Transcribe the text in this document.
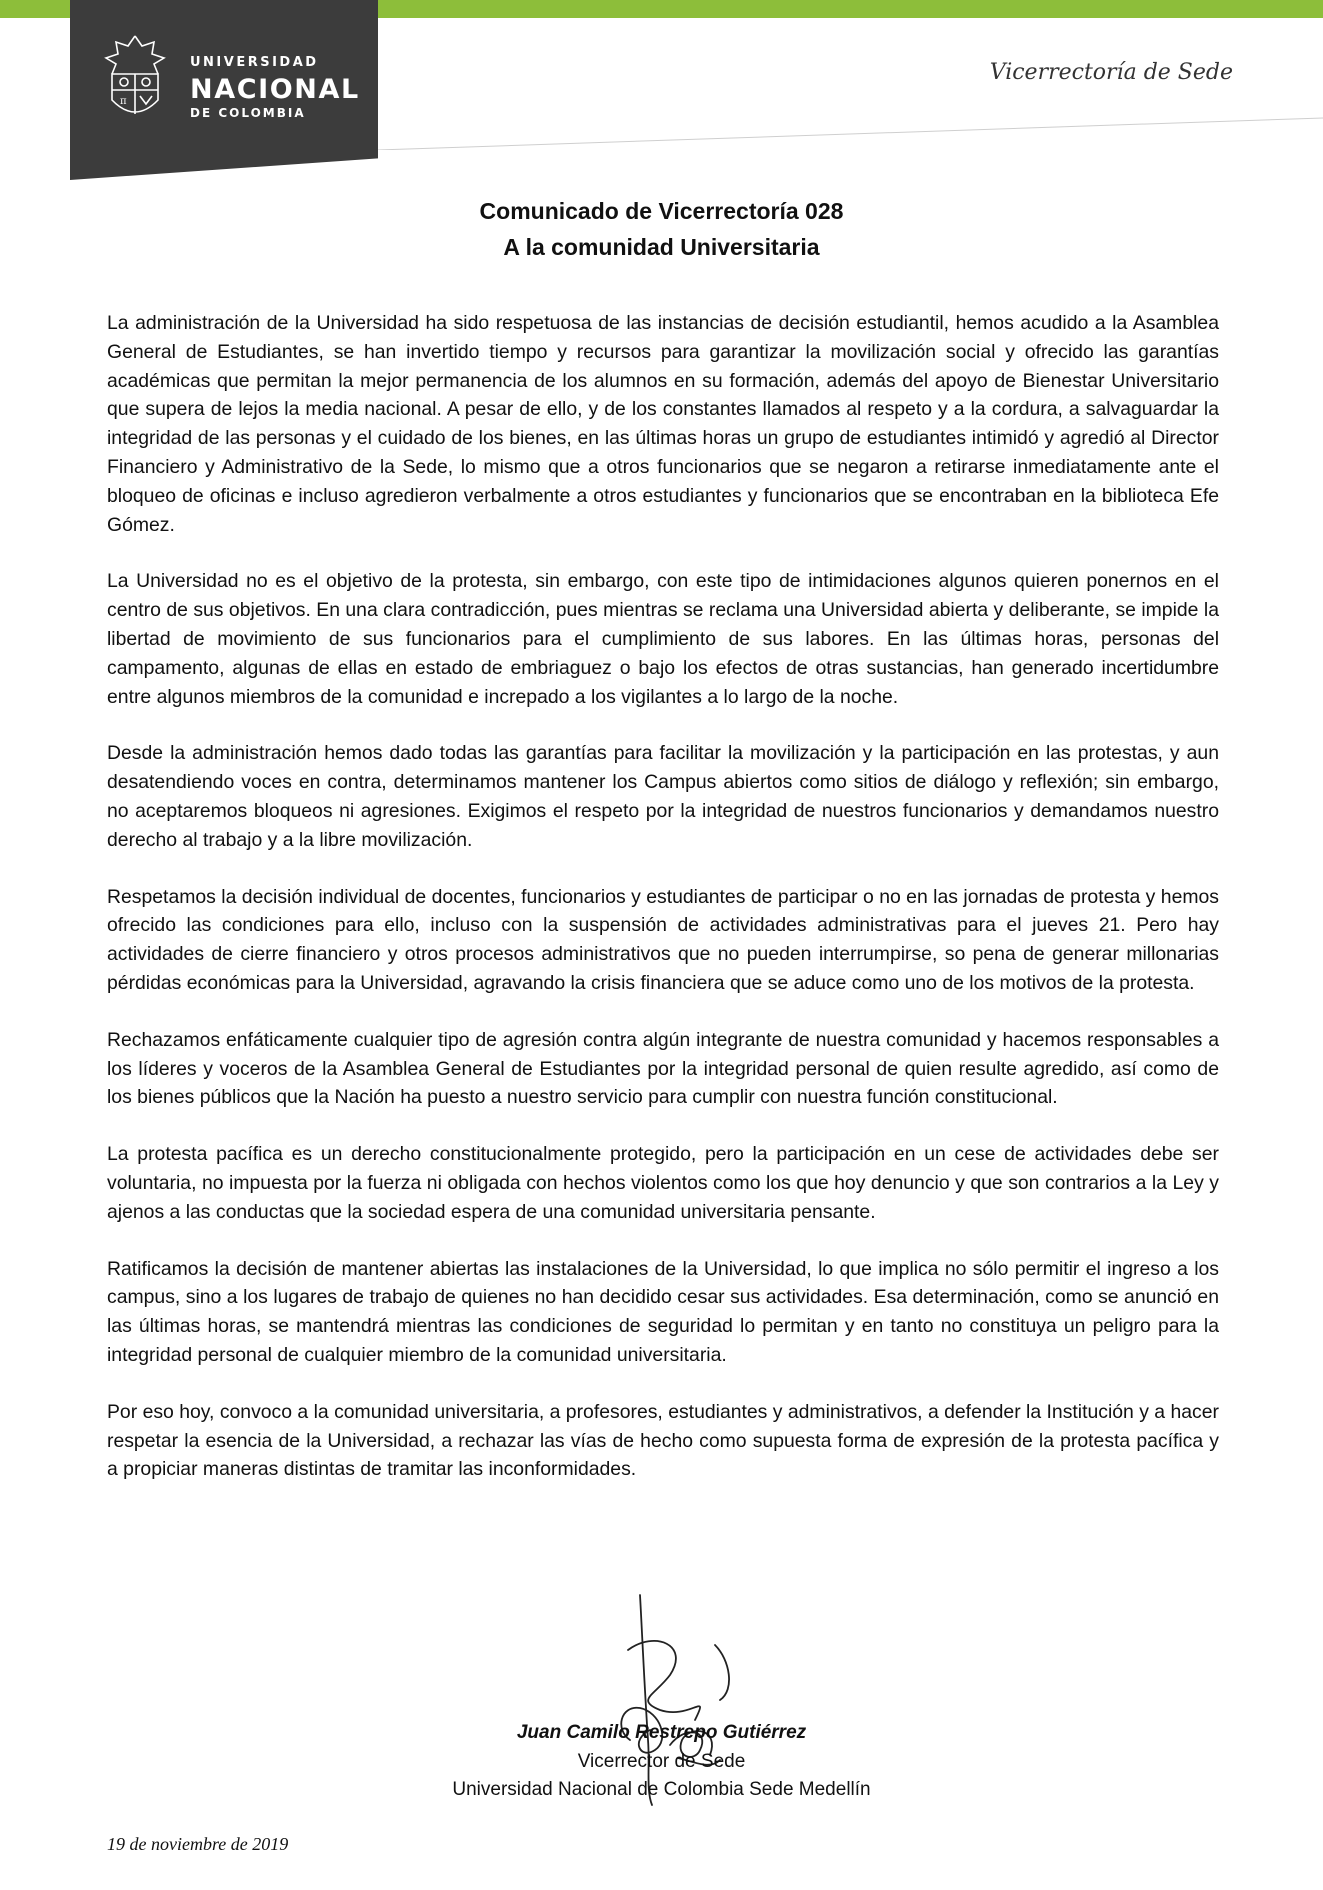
π
UNIVERSIDAD
NACIONAL
DE COLOMBIA
Vicerrectoría de Sede
Comunicado de Vicerrectoría 028
A la comunidad Universitaria

La administración de la Universidad ha sido respetuosa de las instancias de decisión estudiantil, hemos acudido a la Asamblea General de Estudiantes, se han invertido tiempo y recursos para garantizar la movilización social y ofrecido las garantías académicas que permitan la mejor permanencia de los alumnos en su formación, además del apoyo de Bienestar Universitario que supera de lejos la media nacional. A pesar de ello, y de los constantes llamados al respeto y a la cordura, a salvaguardar la integridad de las personas y el cuidado de los bienes, en las últimas horas un grupo de estudiantes intimidó y agredió al Director Financiero y Administrativo de la Sede, lo mismo que a otros funcionarios que se negaron a retirarse inmediatamente ante el bloqueo de oficinas e incluso agredieron verbalmente a otros estudiantes y funcionarios que se encontraban en la biblioteca Efe Gómez.

La Universidad no es el objetivo de la protesta, sin embargo, con este tipo de intimidaciones algunos quieren ponernos en el centro de sus objetivos. En una clara contradicción, pues mientras se reclama una Universidad abierta y deliberante, se impide la libertad de movimiento de sus funcionarios para el cumplimiento de sus labores. En las últimas horas, personas del campamento, algunas de ellas en estado de embriaguez o bajo los efectos de otras sustancias, han generado incertidumbre entre algunos miembros de la comunidad e increpado a los vigilantes a lo largo de la noche.

Desde la administración hemos dado todas las garantías para facilitar la movilización y la participación en las protestas, y aun desatendiendo voces en contra, determinamos mantener los Campus abiertos como sitios de diálogo y reflexión; sin embargo, no aceptaremos bloqueos ni agresiones. Exigimos el respeto por la integridad de nuestros funcionarios y demandamos nuestro derecho al trabajo y a la libre movilización.

Respetamos la decisión individual de docentes, funcionarios y estudiantes de participar o no en las jornadas de protesta y hemos ofrecido las condiciones para ello, incluso con la suspensión de actividades administrativas para el jueves 21. Pero hay actividades de cierre financiero y otros procesos administrativos que no pueden interrumpirse, so pena de generar millonarias pérdidas económicas para la Universidad, agravando la crisis financiera que se aduce como uno de los motivos de la protesta.

Rechazamos enfáticamente cualquier tipo de agresión contra algún integrante de nuestra comunidad y hacemos responsables a los líderes y voceros de la Asamblea General de Estudiantes por la integridad personal de quien resulte agredido, así como de los bienes públicos que la Nación ha puesto a nuestro servicio para cumplir con nuestra función constitucional.

La protesta pacífica es un derecho constitucionalmente protegido, pero la participación en un cese de actividades debe ser voluntaria, no impuesta por la fuerza ni obligada con hechos violentos como los que hoy denuncio y que son contrarios a la Ley y ajenos a las conductas que la sociedad espera de una comunidad universitaria pensante.

Ratificamos la decisión de mantener abiertas las instalaciones de la Universidad, lo que implica no sólo permitir el ingreso a los campus, sino a los lugares de trabajo de quienes no han decidido cesar sus actividades. Esa determinación, como se anunció en las últimas horas, se mantendrá mientras las condiciones de seguridad lo permitan y en tanto no constituya un peligro para la integridad personal de cualquier miembro de la comunidad universitaria.

Por eso hoy, convoco a la comunidad universitaria, a profesores, estudiantes y administrativos, a defender la Institución y a hacer respetar la esencia de la Universidad, a rechazar las vías de hecho como supuesta forma de expresión de la protesta pacífica y a propiciar maneras distintas de tramitar las inconformidades.

Juan Camilo Restrepo Gutiérrez
Vicerrector de Sede
Universidad Nacional de Colombia Sede Medellín
19 de noviembre de 2019
